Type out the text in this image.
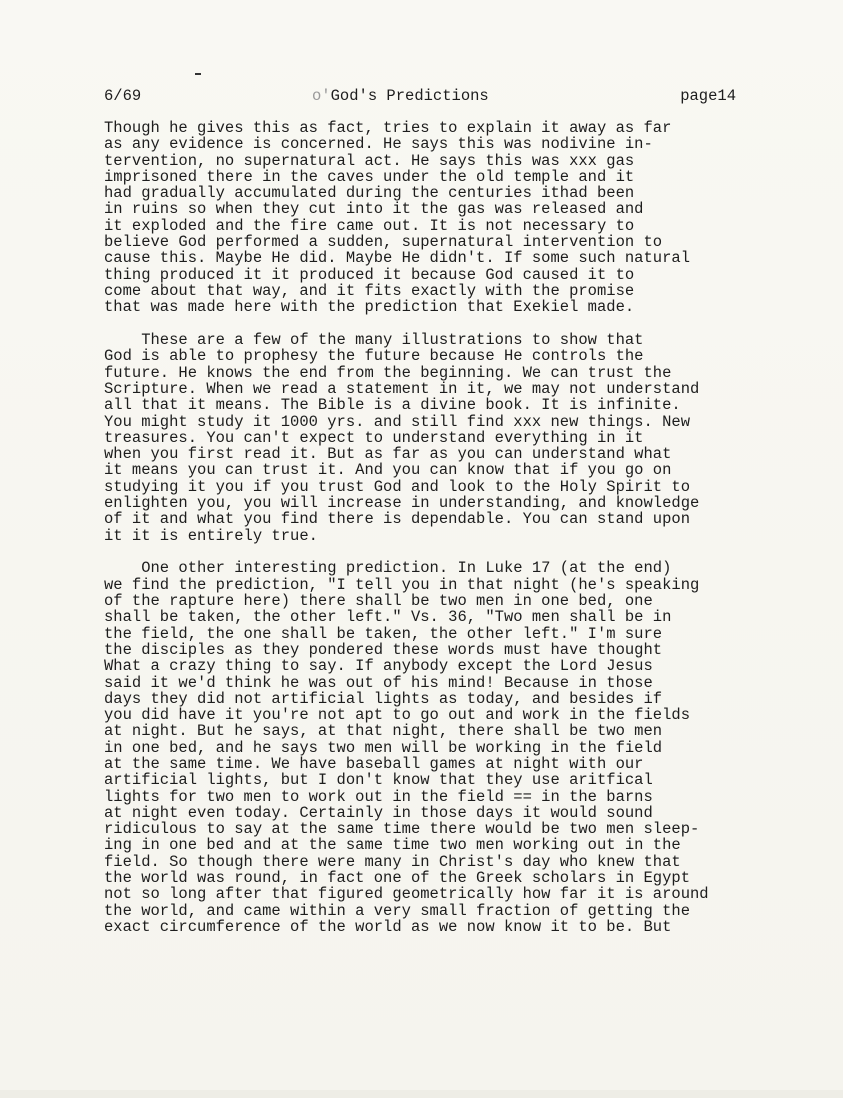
6/69	o'God's Predictions	page14
Though he gives this as fact, tries to explain it away as far
as any evidence is concerned. He says this was nodivine in-
tervention, no supernatural act. He says this was xxx gas
imprisoned there in the caves under the old temple and it
had gradually accumulated during the centuries ithad been
in ruins so when they cut into it the gas was released and
it exploded and the fire came out. It is not necessary to
believe God performed a sudden, supernatural intervention to
cause this. Maybe He did. Maybe He didn't. If some such natural
thing produced it it produced it because God caused it to
come about that way, and it fits exactly with the promise
that was made here with the prediction that Exekiel made.
These are a few of the many illustrations to show that
God is able to prophesy the future because He controls the
future. He knows the end from the beginning. We can trust the
Scripture. When we read a statement in it, we may not understand
all that it means. The Bible is a divine book. It is infinite.
You might study it 1000 yrs. and still find xxx new things. New
treasures. You can't expect to understand everything in it
when you first read it. But as far as you can understand what
it means you can trust it. And you can know that if you go on
studying it you if you trust God and look to the Holy Spirit to
enlighten you, you will increase in understanding, and knowledge
of it and what you find there is dependable. You can stand upon
it it is entirely true.
One other interesting prediction. In Luke 17 (at the end)
we find the prediction, "I tell you in that night (he's speaking
of the rapture here) there shall be two men in one bed, one
shall be taken, the other left." Vs. 36, "Two men shall be in
the field, the one shall be taken, the other left." I'm sure
the disciples as they pondered these words must have thought
What a crazy thing to say. If anybody except the Lord Jesus
said it we'd think he was out of his mind! Because in those
days they did not artificial lights as today, and besides if
you did have it you're not apt to go out and work in the fields
at night. But he says, at that night, there shall be two men
in one bed, and he says two men will be working in the field
at the same time. We have baseball games at night with our
artificial lights, but I don't know that they use aritfical
lights for two men to work out in the field == in the barns
at night even today. Certainly in those days it would sound
ridiculous to say at the same time there would be two men sleep-
ing in one bed and at the same time two men working out in the
field. So though there were many in Christ's day who knew that
the world was round, in fact one of the Greek scholars in Egypt
not so long after that figured geometrically how far it is around
the world, and came within a very small fraction of getting the
exact circumference of the world as we now know it to be. But
